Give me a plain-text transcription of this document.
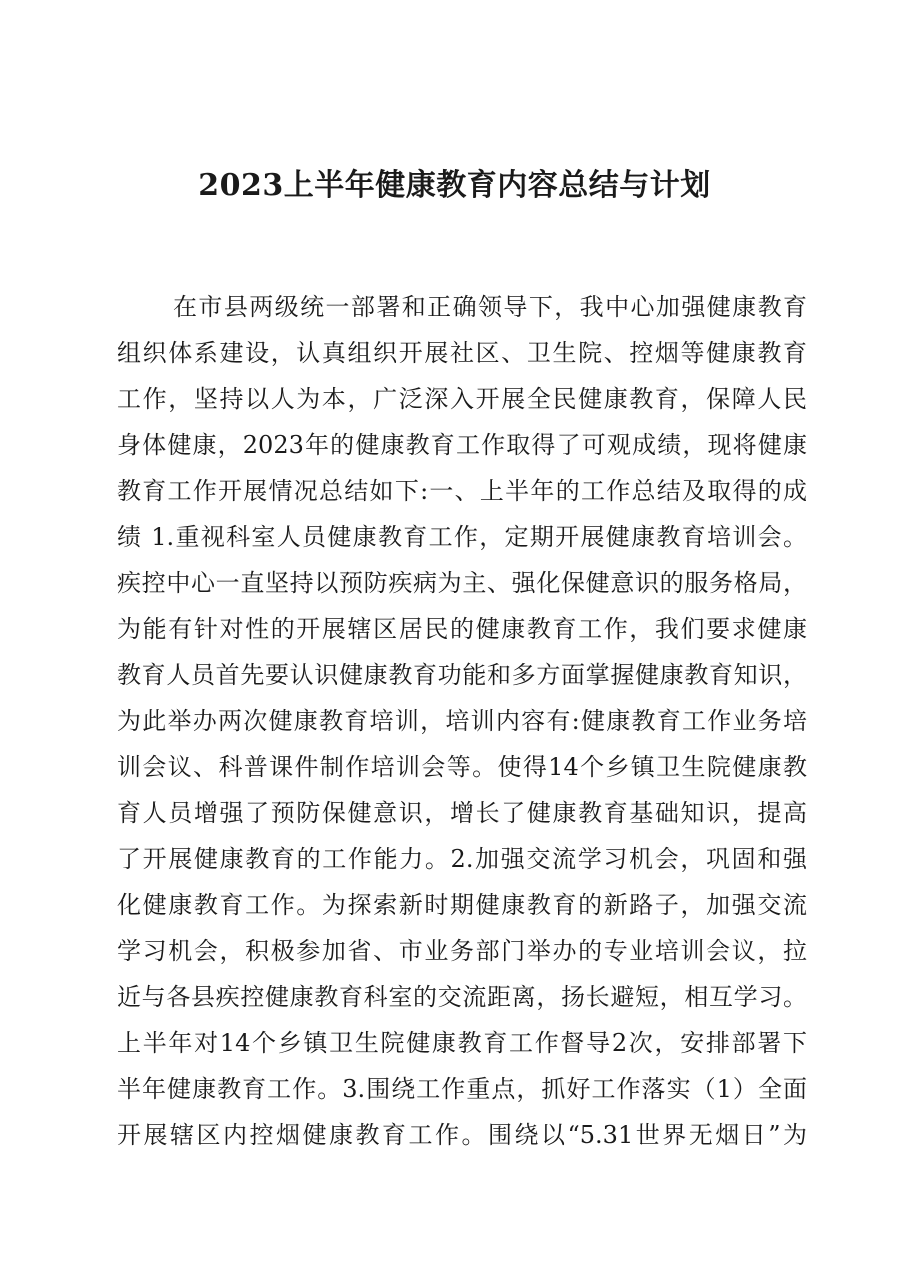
2023上半年健康教育内容总结与计划
在市县两级统一部署和正确领导下，我中心加强健康教育
组织体系建设，认真组织开展社区、卫生院、控烟等健康教育
工作，坚持以人为本，广泛深入开展全民健康教育，保障人民
身体健康，2023年的健康教育工作取得了可观成绩，现将健康
教育工作开展情况总结如下:一、上半年的工作总结及取得的成
绩 1.重视科室人员健康教育工作，定期开展健康教育培训会。
疾控中心一直坚持以预防疾病为主、强化保健意识的服务格局，
为能有针对性的开展辖区居民的健康教育工作，我们要求健康
教育人员首先要认识健康教育功能和多方面掌握健康教育知识，
为此举办两次健康教育培训，培训内容有:健康教育工作业务培
训会议、科普课件制作培训会等。使得14个乡镇卫生院健康教
育人员增强了预防保健意识，增长了健康教育基础知识，提高
了开展健康教育的工作能力。2.加强交流学习机会，巩固和强
化健康教育工作。为探索新时期健康教育的新路子，加强交流
学习机会，积极参加省、市业务部门举办的专业培训会议，拉
近与各县疾控健康教育科室的交流距离，扬长避短，相互学习。
上半年对14个乡镇卫生院健康教育工作督导2次，安排部署下
半年健康教育工作。3.围绕工作重点，抓好工作落实（1）全面
开展辖区内控烟健康教育工作。围绕以“5.31世界无烟日”为
